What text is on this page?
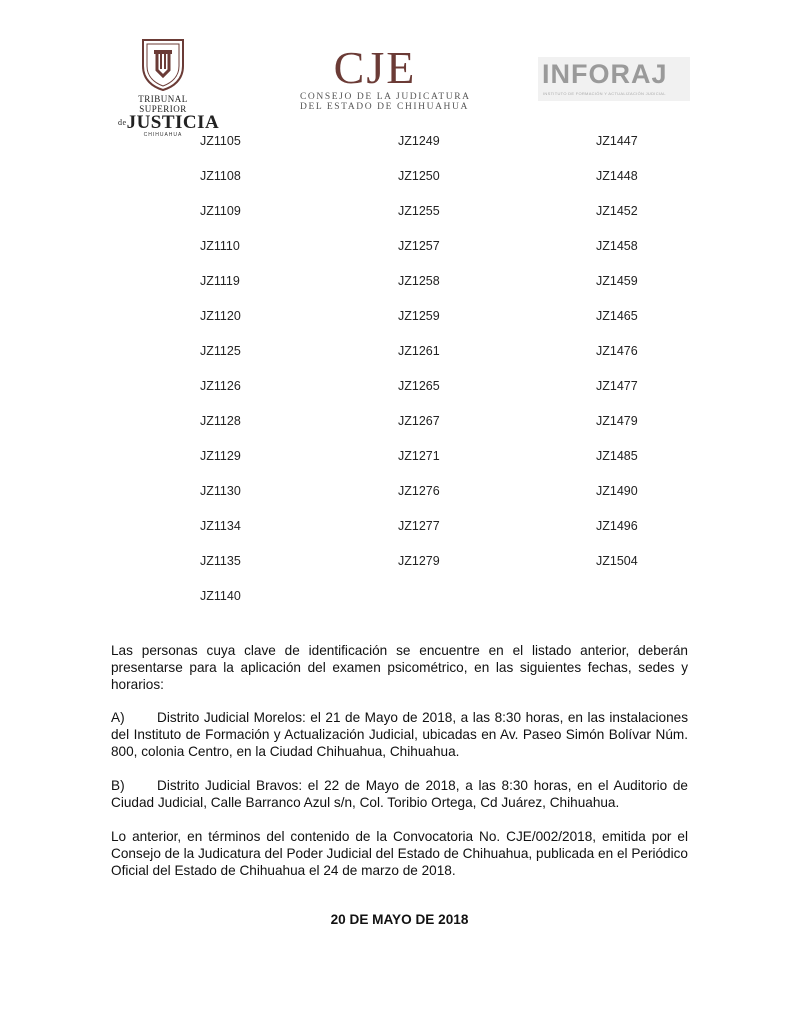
TRIBUNAL SUPERIOR
$^{de}$JUSTICIA
CHIHUAHUA
CJE
CONSEJO DE LA JUDICATURA
DEL ESTADO DE CHIHUAHUA
INFORAJ
INSTITUTO DE FORMACIÓN Y ACTUALIZACIÓN JUDICIAL
JZ1105	JZ1249	JZ1447
JZ1108	JZ1250	JZ1448
JZ1109	JZ1255	JZ1452
JZ1110	JZ1257	JZ1458
JZ1119	JZ1258	JZ1459
JZ1120	JZ1259	JZ1465
JZ1125	JZ1261	JZ1476
JZ1126	JZ1265	JZ1477
JZ1128	JZ1267	JZ1479
JZ1129	JZ1271	JZ1485
JZ1130	JZ1276	JZ1490
JZ1134	JZ1277	JZ1496
JZ1135	JZ1279	JZ1504
JZ1140
Las personas cuya clave de identificación se encuentre en el listado anterior, deberán presentarse para la aplicación del examen psicométrico, en las siguientes fechas, sedes y horarios:
A) Distrito Judicial Morelos: el 21 de Mayo de 2018, a las 8:30 horas, en las instalaciones del Instituto de Formación y Actualización Judicial, ubicadas en Av. Paseo Simón Bolívar Núm. 800, colonia Centro, en la Ciudad Chihuahua, Chihuahua.
B) Distrito Judicial Bravos: el 22 de Mayo de 2018, a las 8:30 horas, en el Auditorio de Ciudad Judicial, Calle Barranco Azul s/n, Col. Toribio Ortega, Cd Juárez, Chihuahua.
Lo anterior, en términos del contenido de la Convocatoria No. CJE/002/2018, emitida por el Consejo de la Judicatura del Poder Judicial del Estado de Chihuahua, publicada en el Periódico Oficial del Estado de Chihuahua el 24 de marzo de 2018.
20 DE MAYO DE 2018
